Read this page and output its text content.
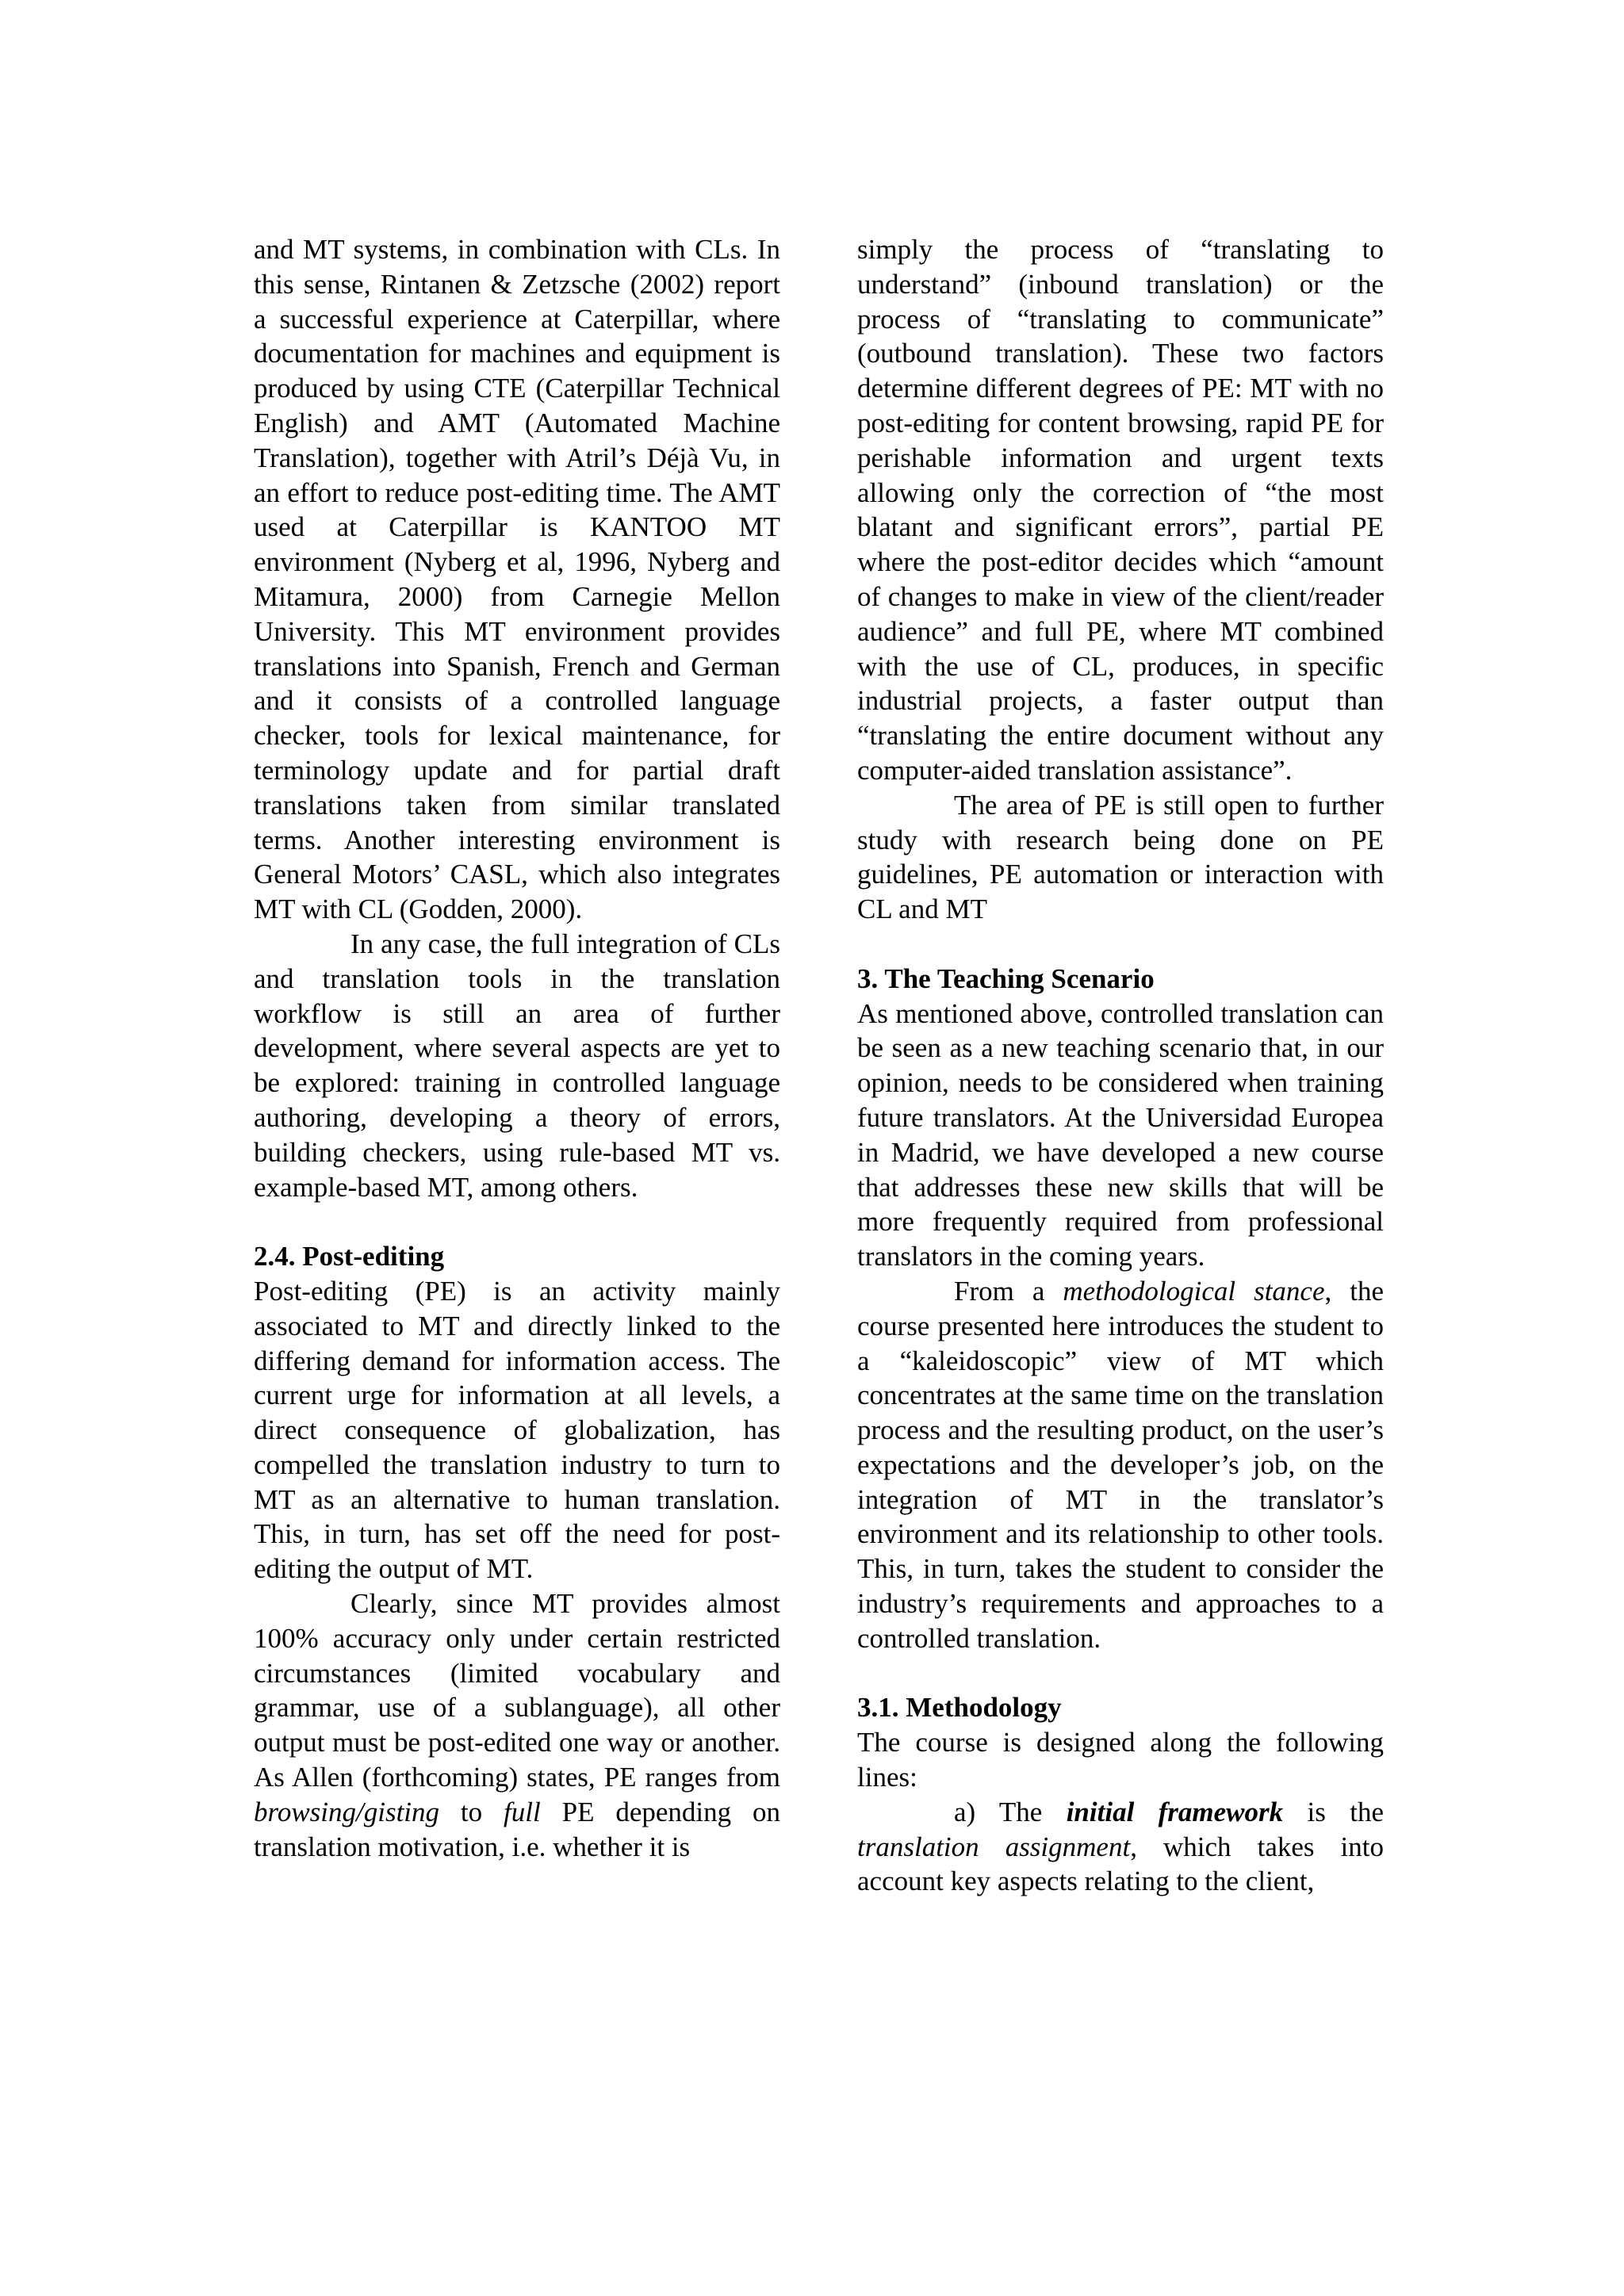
and MT systems, in combination with CLs. In this sense, Rintanen & Zetzsche (2002) report a successful experience at Caterpillar, where documentation for machines and equipment is produced by using CTE (Caterpillar Technical English) and AMT (Automated Machine Translation), together with Atril’s Déjà Vu, in an effort to reduce post-editing time. The AMT used at Caterpillar is KANTOO MT environment (Nyberg et al, 1996, Nyberg and Mitamura, 2000) from Carnegie Mellon University. This MT environment provides translations into Spanish, French and German and it consists of a controlled language checker, tools for lexical maintenance, for terminology update and for partial draft translations taken from similar translated terms. Another interesting environment is General Motors’ CASL, which also integrates MT with CL (Godden, 2000).

In any case, the full integration of CLs and translation tools in the translation workflow is still an area of further development, where several aspects are yet to be explored: training in controlled language authoring, developing a theory of errors, building checkers, using rule-based MT vs. example-based MT, among others.

2.4. Post-editing

Post-editing (PE) is an activity mainly associated to MT and directly linked to the differing demand for information access. The current urge for information at all levels, a direct consequence of globalization, has compelled the translation industry to turn to MT as an alternative to human translation. This, in turn, has set off the need for post-editing the output of MT.

Clearly, since MT provides almost 100% accuracy only under certain restricted circumstances (limited vocabulary and grammar, use of a sublanguage), all other output must be post-edited one way or another. As Allen (forthcoming) states, PE ranges from browsing/gisting to full PE depending on translation motivation, i.e. whether it is

simply the process of “translating to understand” (inbound translation) or the process of “translating to communicate” (outbound translation). These two factors determine different degrees of PE: MT with no post-editing for content browsing, rapid PE for perishable information and urgent texts allowing only the correction of “the most blatant and significant errors”, partial PE where the post-editor decides which “amount of changes to make in view of the client/reader audience” and full PE, where MT combined with the use of CL, produces, in specific industrial projects, a faster output than “translating the entire document without any computer-aided translation assistance”.

The area of PE is still open to further study with research being done on PE guidelines, PE automation or interaction with CL and MT

3. The Teaching Scenario

As mentioned above, controlled translation can be seen as a new teaching scenario that, in our opinion, needs to be considered when training future translators. At the Universidad Europea in Madrid, we have developed a new course that addresses these new skills that will be more frequently required from professional translators in the coming years.

From a methodological stance, the course presented here introduces the student to a “kaleidoscopic” view of MT which concentrates at the same time on the translation process and the resulting product, on the user’s expectations and the developer’s job, on the integration of MT in the translator’s environment and its relationship to other tools. This, in turn, takes the student to consider the industry’s requirements and approaches to a controlled translation.

3.1. Methodology

The course is designed along the following lines:

a) The initial framework is the translation assignment, which takes into account key aspects relating to the client,
